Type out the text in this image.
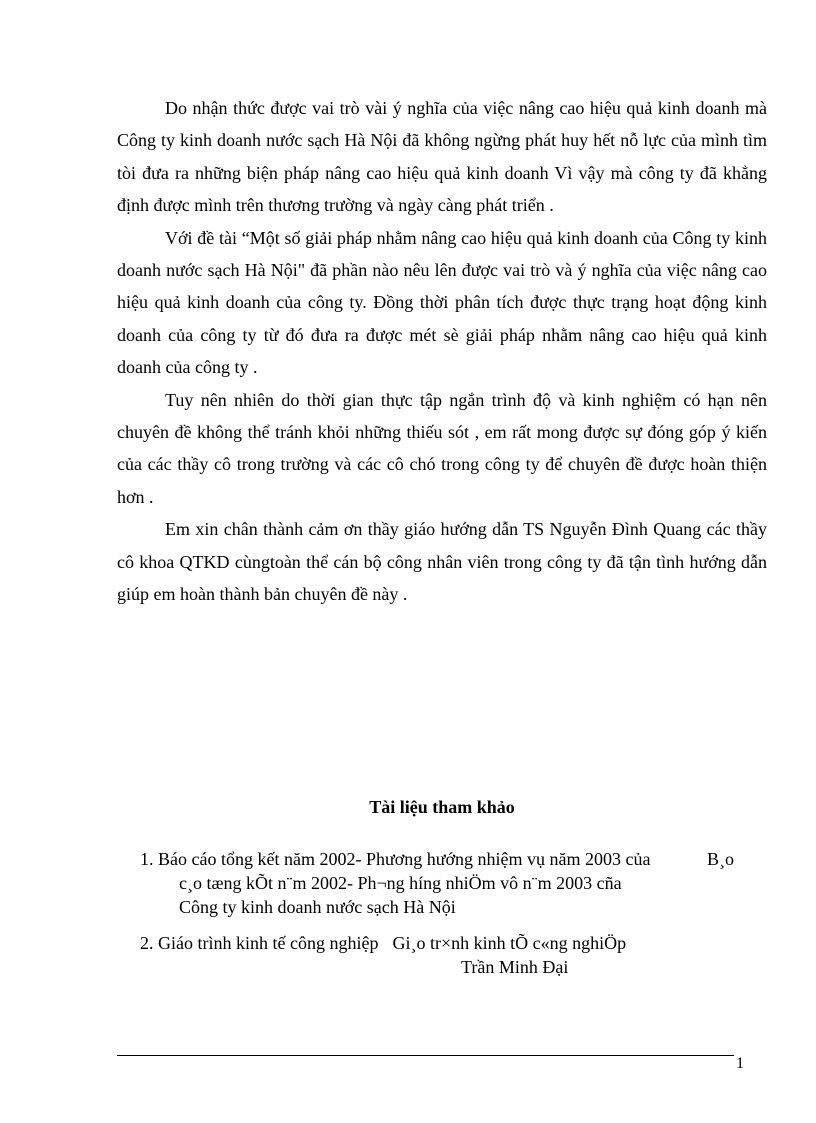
Do nhận thức được vai trò vài ý nghĩa của việc nâng cao hiệu quả kinh doanh mà Công ty kinh doanh nước sạch Hà Nội đã không ngừng phát huy hết nỗ lực của mình tìm tòi đưa ra những biện pháp nâng cao hiệu quả kinh doanh Vì vậy mà công ty đã khẳng định được mình trên thương trường và ngày càng phát triển .

Với đề tài “Một số giải pháp nhằm nâng cao hiệu quả kinh doanh của Công ty kinh doanh nước sạch Hà Nội" đã phần nào nêu lên được vai trò và ý nghĩa của việc nâng cao hiệu quả kinh doanh của công ty. Đồng thời phân tích được thực trạng hoạt động kinh doanh của công ty từ đó đưa ra được mét sè giải pháp nhằm nâng cao hiệu quả kinh doanh của công ty .

Tuy nên nhiên do thời gian thực tập ngắn trình độ và kinh nghiệm có hạn nên chuyên đề không thể tránh khỏi những thiếu sót , em rất mong được sự đóng góp ý kiến của các thầy cô trong trường và các cô chó trong công ty để chuyên đề được hoàn thiện hơn .

Em xin chân thành cảm ơn thầy giáo hướng dẫn TS Nguyễn Đình Quang các thầy cô khoa QTKD cùngtoàn thể cán bộ công nhân viên trong công ty đã tận tình hướng dẫn giúp em hoàn thành bản chuyên đề này .

Tài liệu tham khảo
1. Báo cáo tổng kết năm 2002- Phương hướng nhiệm vụ năm 2003 của	B¸o
c¸o tæng kÕt n¨m 2002- Ph¬ng híng nhiÖm vô n¨m 2003 cña
Công ty kinh doanh nước sạch Hà Nội
2. Giáo trình kinh tế công nghiệp Gi¸o tr×nh kinh tÕ c«ng nghiÖp
Trần Minh Đại
1
